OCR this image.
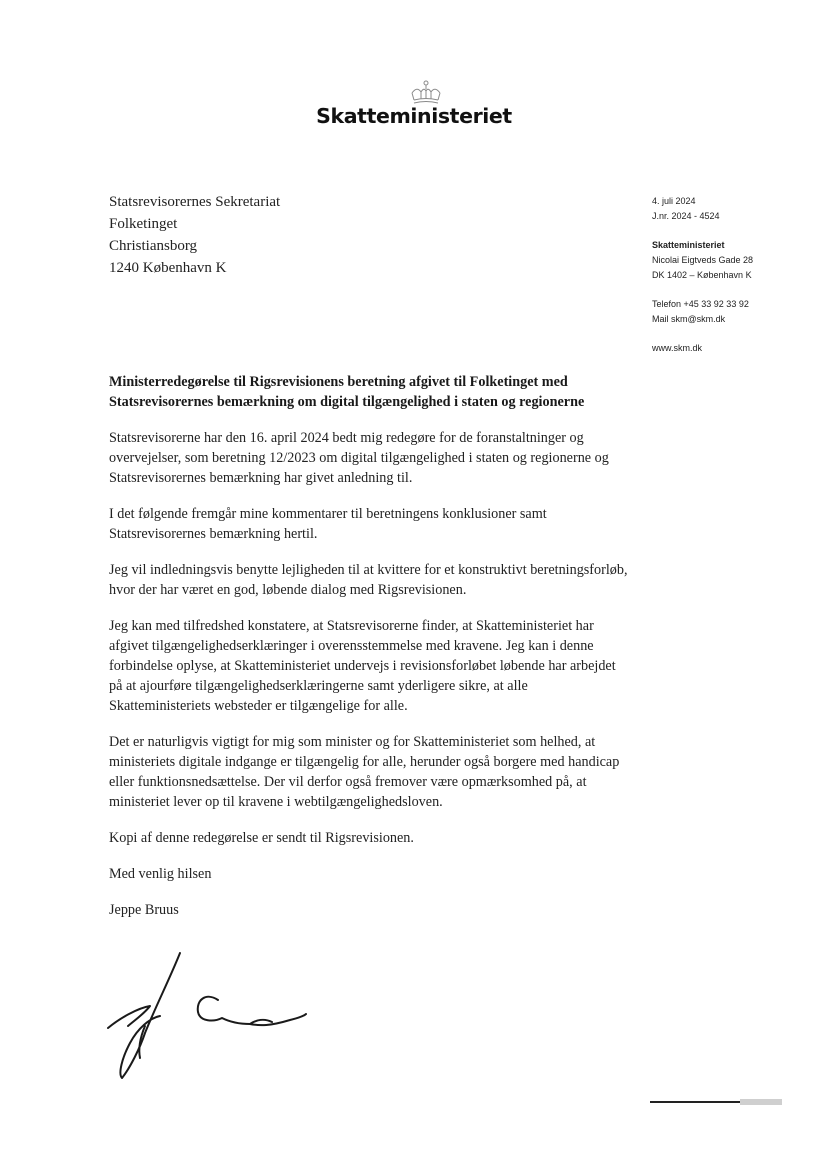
Skatteministeriet
Statsrevisorernes Sekretariat
Folketinget
Christiansborg
1240 København K
4. juli 2024
J.nr. 2024 - 4524
Skatteministeriet
Nicolai Eigtveds Gade 28
DK 1402 – København K
Telefon +45 33 92 33 92
Mail skm@skm.dk
www.skm.dk
Ministerredegørelse til Rigsrevisionens beretning afgivet til Folketinget med Statsrevisorernes bemærkning om digital tilgængelighed i staten og regionerne

Statsrevisorerne har den 16. april 2024 bedt mig redegøre for de foranstaltninger og overvejelser, som beretning 12/2023 om digital tilgængelighed i staten og regionerne og Statsrevisorernes bemærkning har givet anledning til.

I det følgende fremgår mine kommentarer til beretningens konklusioner samt Statsrevisorernes bemærkning hertil.

Jeg vil indledningsvis benytte lejligheden til at kvittere for et konstruktivt beretningsforløb, hvor der har været en god, løbende dialog med Rigsrevisionen.

Jeg kan med tilfredshed konstatere, at Statsrevisorerne finder, at Skatteministeriet har afgivet tilgængelighedserklæringer i overensstemmelse med kravene. Jeg kan i denne forbindelse oplyse, at Skatteministeriet undervejs i revisionsforløbet løbende har arbejdet på at ajourføre tilgængelighedserklæringerne samt yderligere sikre, at alle Skatteministeriets websteder er tilgængelige for alle.

Det er naturligvis vigtigt for mig som minister og for Skatteministeriet som helhed, at ministeriets digitale indgange er tilgængelig for alle, herunder også borgere med handicap eller funktionsnedsættelse. Der vil derfor også fremover være opmærksomhed på, at ministeriet lever op til kravene i webtilgængelighedsloven.

Kopi af denne redegørelse er sendt til Rigsrevisionen.

Med venlig hilsen

Jeppe Bruus
